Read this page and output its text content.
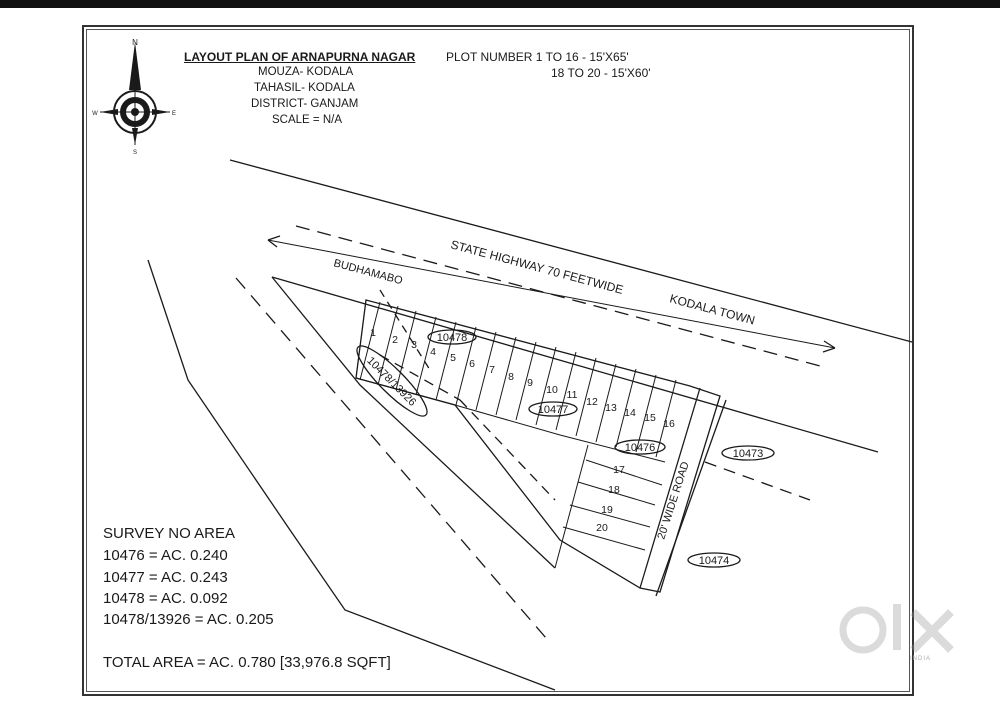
N
S
W	E
STATE HIGHWAY 70 FEETWIDE
BUDHAMABO
KODALA TOWN
20' WIDE ROAD
10478
10477
10476	10473
10474
10478/13926
1
2 3
4 5 6 7
8 9
10 11
12 13 14 15 16
17
18
19
20
LAYOUT PLAN OF ARNAPURNA NAGAR	PLOT NUMBER 1 TO 16 - 15'X65'
18 TO 20 - 15'X60'
MOUZA- KODALA
TAHASIL- KODALA
DISTRICT- GANJAM
SCALE = N/A
SURVEY NO AREA
10476 = AC. 0.240
10477 = AC. 0.243
10478 = AC. 0.092
10478/13926 = AC. 0.205
TOTAL AREA = AC. 0.780 [33,976.8 SQFT]	INDIA
